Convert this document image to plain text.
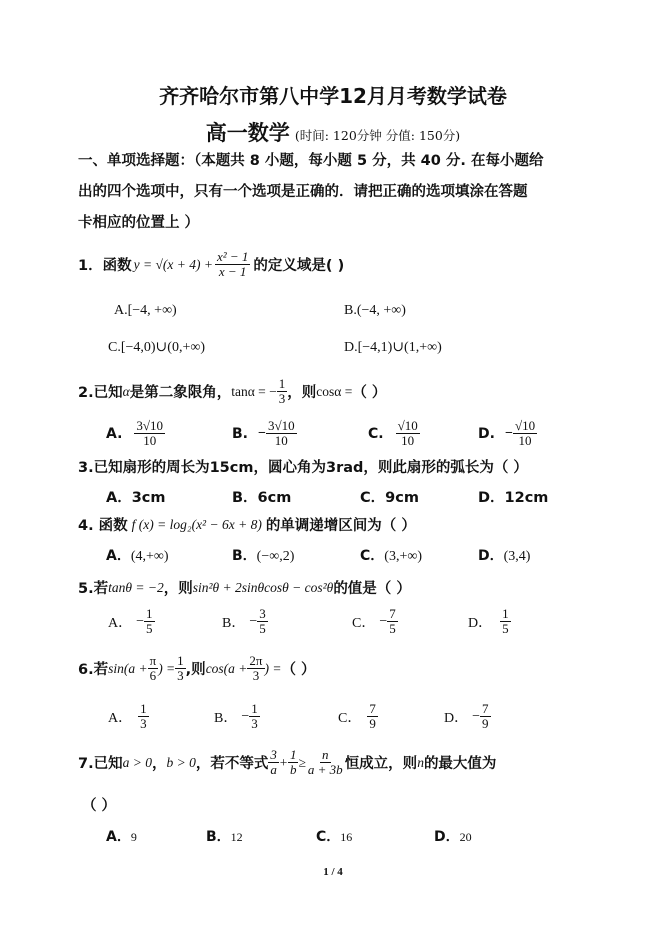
齐齐哈尔市第八中学12月月考数学试卷
高一数学 (时间: 120分钟 分值: 150分)
一、单项选择题：（本题共 8 小题，每小题 5 分，共 40 分. 在每小题给
出的四个选项中，只有一个选项是正确的．请把正确的选项填涂在答题
卡相应的位置上 ）
1．函数 $y = √(x + 4) + \frac{\text{x² − 1}}{x - 1}$ 的定义域是( )
A.[−4, +∞)	B.(−4, +∞)
C.[−4,0)∪(0,+∞)	D.[−4,1)∪(1,+∞)
2.已知 α 是第二象限角， tanα = − $\frac{1}{3}$ ，则 cosα = （ ）
A. $\frac{3√10}{10}$	B. − $\frac{3√10}{10}$	C. $\frac{√10}{10}$	D. − $\frac{√10}{10}$
3.已知扇形的周长为15cm，圆心角为3rad，则此扇形的弧长为（ ）
A．3cm	B．6cm	C．9cm	D．12cm
4. 函数 f (x) = log₂(x² − 6x + 8) 的单调递增区间为（ ）
A．(4,+∞)	B．(−∞,2)	C．(3,+∞)	D．(3,4)
5.若 tanθ = −2 ，则 sin²θ + 2sinθcosθ − cos²θ 的值是（ ）
A． − $\frac{1}{5}$	B． − $\frac{3}{5}$	C． − $\frac{7}{5}$	D． $\frac{1}{5}$
6.若 $\sin(a + \frac{\pi}{6}$ ) = $\frac{1}{3}$ ,则 $\cos(a + \frac{2\pi}{3}$ ) = （ ）
A． $\frac{1}{3}$	B． − $\frac{1}{3}$	C． $\frac{7}{9}$	D． − $\frac{7}{9}$
7.已知 a > 0 ， b > 0 ，若不等式 $\frac{3}{a} + \frac{1}{b} \ge \frac{n}{a + 3b}$ 恒成立，则 n 的最大值为
（ ）
A．9	B．12	C．16	D．20
1 / 4
